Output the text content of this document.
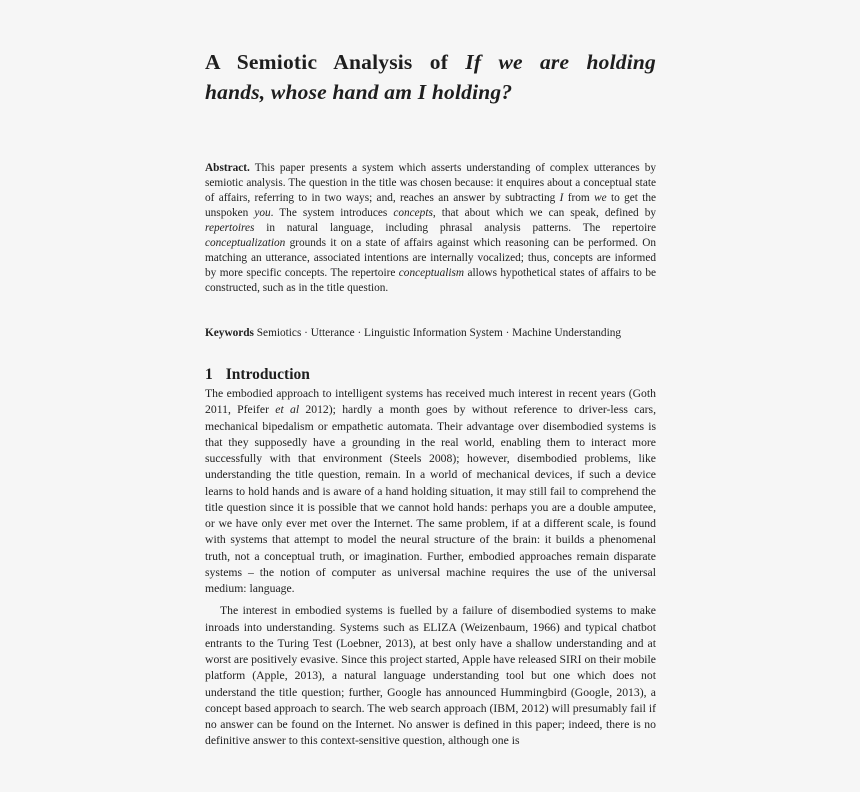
A Semiotic Analysis of If we are holding
hands, whose hand am I holding?

Abstract. This paper presents a system which asserts understanding of complex utterances by semiotic analysis. The question in the title was chosen because: it enquires about a conceptual state of affairs, referring to in two ways; and, reaches an answer by subtracting I from we to get the unspoken you. The system introduces concepts, that about which we can speak, defined by repertoires in natural language, including phrasal analysis patterns. The repertoire conceptualization grounds it on a state of affairs against which reasoning can be performed. On matching an utterance, associated intentions are internally vocalized; thus, concepts are informed by more specific concepts. The repertoire conceptualism allows hypothetical states of affairs to be constructed, such as in the title question.

Keywords Semiotics · Utterance · Linguistic Information System · Machine Understanding

1 Introduction

The embodied approach to intelligent systems has received much interest in recent years (Goth 2011, Pfeifer et al 2012); hardly a month goes by without reference to driver-less cars, mechanical bipedalism or empathetic automata. Their advantage over disembodied systems is that they supposedly have a grounding in the real world, enabling them to interact more successfully with that environment (Steels 2008); however, disembodied problems, like understanding the title question, remain. In a world of mechanical devices, if such a device learns to hold hands and is aware of a hand holding situation, it may still fail to comprehend the title question since it is possible that we cannot hold hands: perhaps you are a double amputee, or we have only ever met over the Internet. The same problem, if at a different scale, is found with systems that attempt to model the neural structure of the brain: it builds a phenomenal truth, not a conceptual truth, or imagination. Further, embodied approaches remain disparate systems – the notion of computer as universal machine requires the use of the universal medium: language.

The interest in embodied systems is fuelled by a failure of disembodied systems to make inroads into understanding. Systems such as ELIZA (Weizenbaum, 1966) and typical chatbot entrants to the Turing Test (Loebner, 2013), at best only have a shallow understanding and at worst are positively evasive. Since this project started, Apple have released SIRI on their mobile platform (Apple, 2013), a natural language understanding tool but one which does not understand the title question; further, Google has announced Hummingbird (Google, 2013), a concept based approach to search. The web search approach (IBM, 2012) will presumably fail if no answer can be found on the Internet. No answer is defined in this paper; indeed, there is no definitive answer to this context-sensitive question, although one is
